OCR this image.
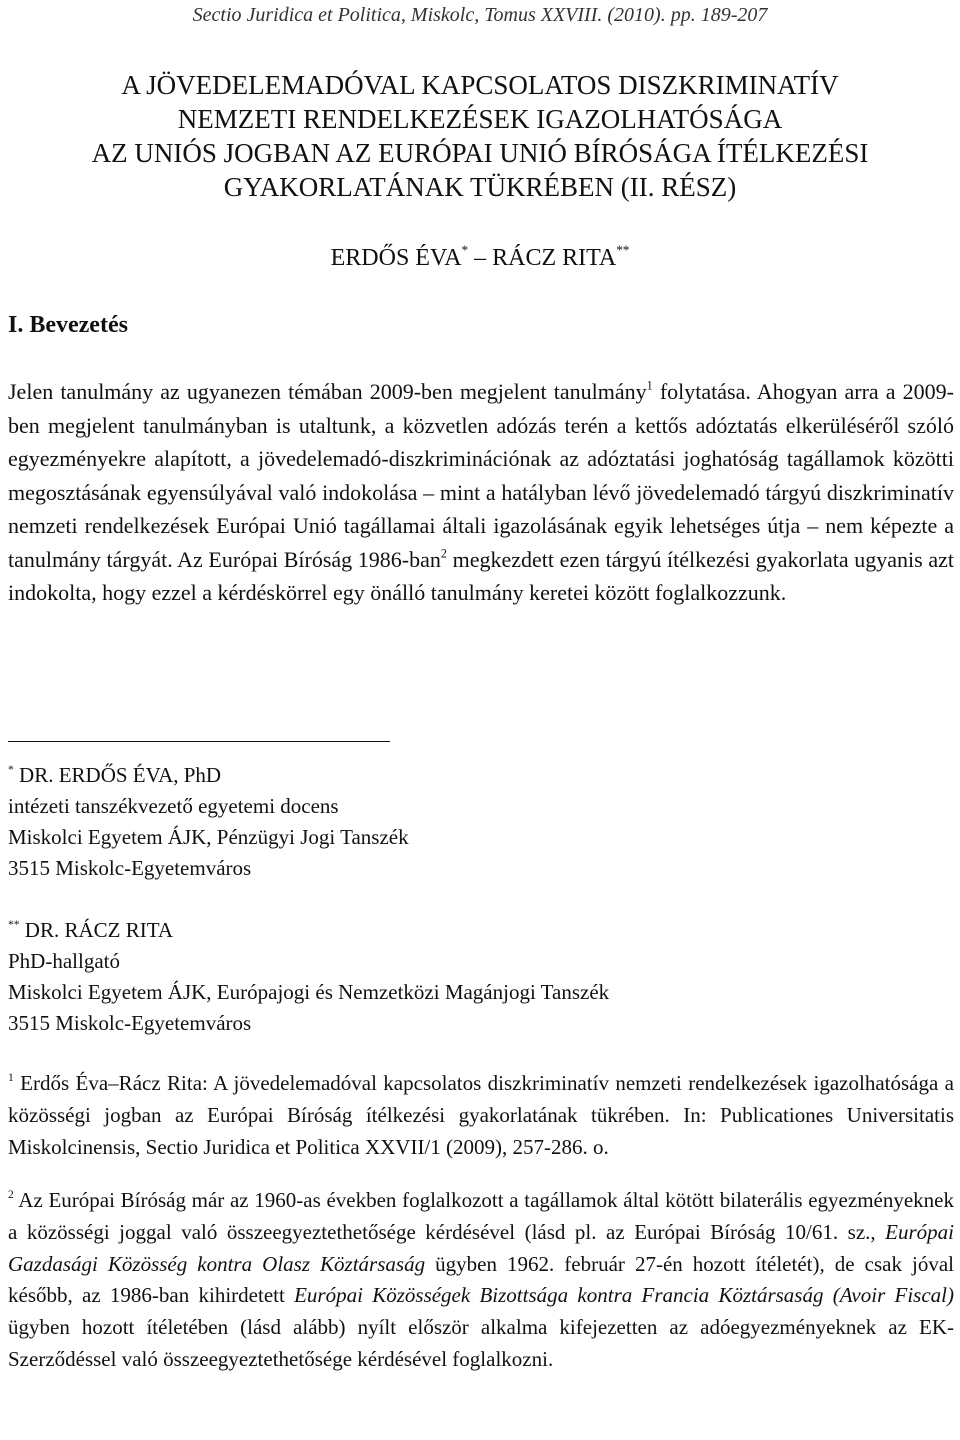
Sectio Juridica et Politica, Miskolc, Tomus XXVIII. (2010). pp. 189-207
A JÖVEDELEMADÓVAL KAPCSOLATOS DISZKRIMINATÍV
NEMZETI RENDELKEZÉSEK IGAZOLHATÓSÁGA
AZ UNIÓS JOGBAN AZ EURÓPAI UNIÓ BÍRÓSÁGA ÍTÉLKEZÉSI
GYAKORLATÁNAK TÜKRÉBEN (II. RÉSZ)
ERDŐS ÉVA* – RÁCZ RITA**
I. Bevezetés

Jelen tanulmány az ugyanezen témában 2009-ben megjelent tanulmány$^1$ folytatása. Ahogyan arra a 2009-ben megjelent tanulmányban is utaltunk, a közvetlen adózás terén a kettős adóztatás elkerüléséről szóló egyezményekre alapított, a jövedelemadó-diszkriminációnak az adóztatási joghatóság tagállamok közötti megosztásának egyensúlyával való indokolása – mint a hatályban lévő jövedelemadó tárgyú diszkriminatív nemzeti rendelkezések Európai Unió tagállamai általi igazolásának egyik lehetséges útja – nem képezte a tanulmány tárgyát. Az Európai Bíróság 1986-ban$^2$ megkezdett ezen tárgyú ítélkezési gyakorlata ugyanis azt indokolta, hogy ezzel a kérdéskörrel egy önálló tanulmány keretei között foglalkozzunk.

* DR. ERDŐS ÉVA, PhD
intézeti tanszékvezető egyetemi docens
Miskolci Egyetem ÁJK, Pénzügyi Jogi Tanszék
3515 Miskolc-Egyetemváros
** DR. RÁCZ RITA
PhD-hallgató
Miskolci Egyetem ÁJK, Európajogi és Nemzetközi Magánjogi Tanszék
3515 Miskolc-Egyetemváros

$^1$ Erdős Éva–Rácz Rita: A jövedelemadóval kapcsolatos diszkriminatív nemzeti rendelkezések igazolhatósága a közösségi jogban az Európai Bíróság ítélkezési gyakorlatának tükrében. In: Publicationes Universitatis Miskolcinensis, Sectio Juridica et Politica XXVII/1 (2009), 257-286. o.

$^2$ Az Európai Bíróság már az 1960-as években foglalkozott a tagállamok által kötött bilaterális egyezményeknek a közösségi joggal való összeegyeztethetősége kérdésével (lásd pl. az Európai Bíróság 10/61. sz., Európai Gazdasági Közösség kontra Olasz Köztársaság ügyben 1962. február 27-én hozott ítéletét), de csak jóval később, az 1986-ban kihirdetett Európai Közösségek Bizottsága kontra Francia Köztársaság (Avoir Fiscal) ügyben hozott ítéletében (lásd alább) nyílt először alkalma kifejezetten az adóegyezményeknek az EK-Szerződéssel való összeegyeztethetősége kérdésével foglalkozni.
